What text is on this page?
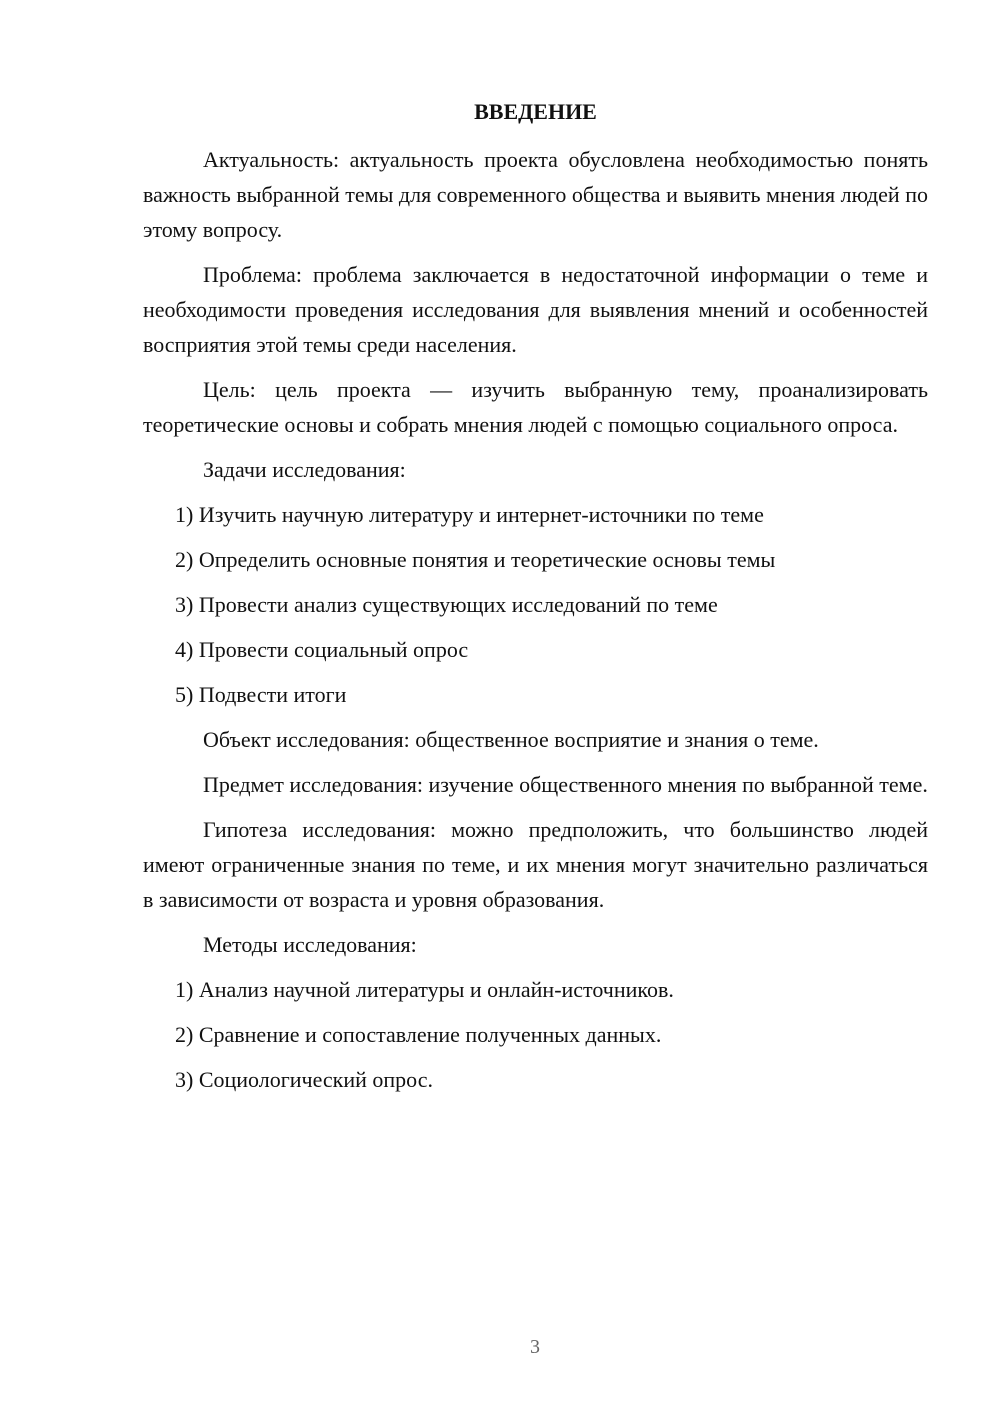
ВВЕДЕНИЕ

Актуальность: актуальность проекта обусловлена необходимостью понять важность выбранной темы для современного общества и выявить мнения людей по этому вопросу.

Проблема: проблема заключается в недостаточной информации о теме и необходимости проведения исследования для выявления мнений и особенностей восприятия этой темы среди населения.

Цель: цель проекта — изучить выбранную тему, проанализировать теоретические основы и собрать мнения людей с помощью социального опроса.

Задачи исследования:

1) Изучить научную литературу и интернет-источники по теме

2) Определить основные понятия и теоретические основы темы

3) Провести анализ существующих исследований по теме

4) Провести социальный опрос

5) Подвести итоги

Объект исследования: общественное восприятие и знания о теме.

Предмет исследования: изучение общественного мнения по выбранной теме.

Гипотеза исследования: можно предположить, что большинство людей имеют ограниченные знания по теме, и их мнения могут значительно различаться в зависимости от возраста и уровня образования.

Методы исследования:

1) Анализ научной литературы и онлайн-источников.

2) Сравнение и сопоставление полученных данных.

3) Социологический опрос.

3
